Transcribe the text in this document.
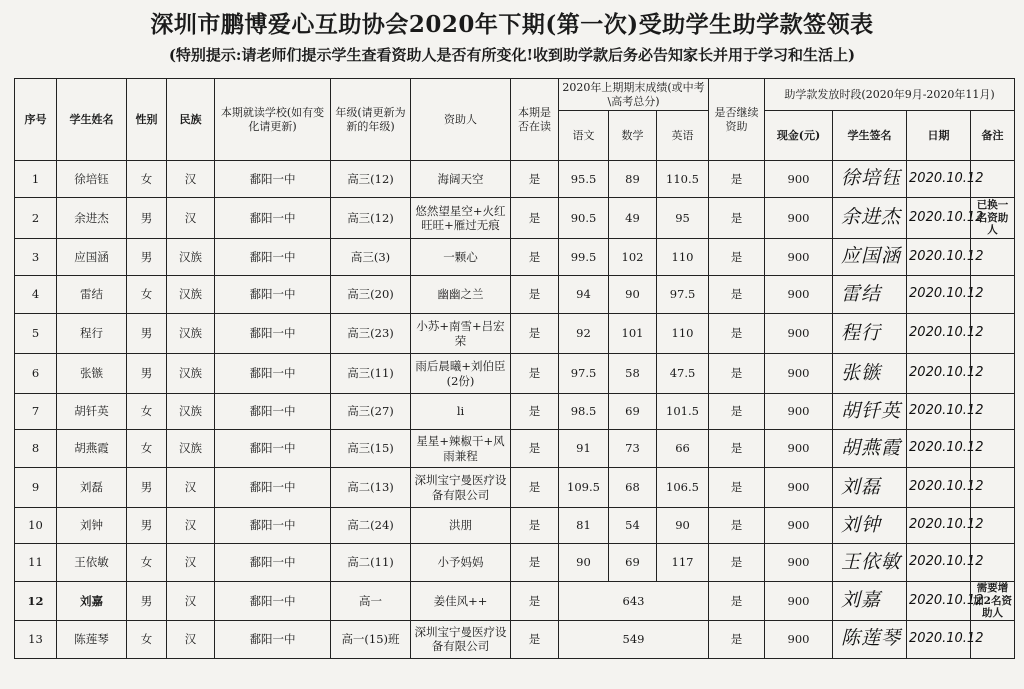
深圳市鹏博爱心互助协会2020年下期(第一次)受助学生助学款签领表
(特别提示:请老师们提示学生查看资助人是否有所变化!收到助学款后务必告知家长并用于学习和生活上)
序号	学生姓名	性别	民族	本期就读学校(如有变化请更新)	年级(请更新为新的年级)	资助人	本期是否在读	2020年上期期末成绩(或中考\高考总分)			是否继续资助	助学款发放时段(2020年9月-2020年11月)			
								语文	数学	英语		现金(元)	学生签名	日期	备注
1	徐培钰	女	汉	鄱阳一中	高三(12)	海阔天空	是	95.5	89	110.5	是	900	徐培钰	2020.10.12	
2	余进杰	男	汉	鄱阳一中	高三(12)	悠然望星空+火红旺旺+雁过无痕	是	90.5	49	95	是	900	余进杰	2020.10.12	已换一名资助人
3	应国涵	男	汉族	鄱阳一中	高三(3)	一颗心	是	99.5	102	110	是	900	应国涵	2020.10.12	
4	雷结	女	汉族	鄱阳一中	高三(20)	幽幽之兰	是	94	90	97.5	是	900	雷结	2020.10.12	
5	程行	男	汉族	鄱阳一中	高三(23)	小苏+南雪+吕宏荣	是	92	101	110	是	900	程行	2020.10.12	
6	张镞	男	汉族	鄱阳一中	高三(11)	雨后晨曦+刘伯臣(2份)	是	97.5	58	47.5	是	900	张镞	2020.10.12	
7	胡钎英	女	汉族	鄱阳一中	高三(27)	li	是	98.5	69	101.5	是	900	胡钎英	2020.10.12	
8	胡燕霞	女	汉族	鄱阳一中	高三(15)	星星+辣椒干+风雨兼程	是	91	73	66	是	900	胡燕霞	2020.10.12	
9	刘磊	男	汉	鄱阳一中	高二(13)	深圳宝宁曼医疗设备有限公司	是	109.5	68	106.5	是	900	刘磊	2020.10.12	
10	刘钟	男	汉	鄱阳一中	高二(24)	洪朋	是	81	54	90	是	900	刘钟	2020.10.12	
11	王依敏	女	汉	鄱阳一中	高二(11)	小予妈妈	是	90	69	117	是	900	王依敏	2020.10.12	
12	刘嘉	男	汉	鄱阳一中	高一	姜佳风++	是	643			是	900	刘嘉	2020.10.12	需要增加2名资助人
13	陈莲琴	女	汉	鄱阳一中	高一(15)班	深圳宝宁曼医疗设备有限公司	是	549			是	900	陈莲琴	2020.10.12	
